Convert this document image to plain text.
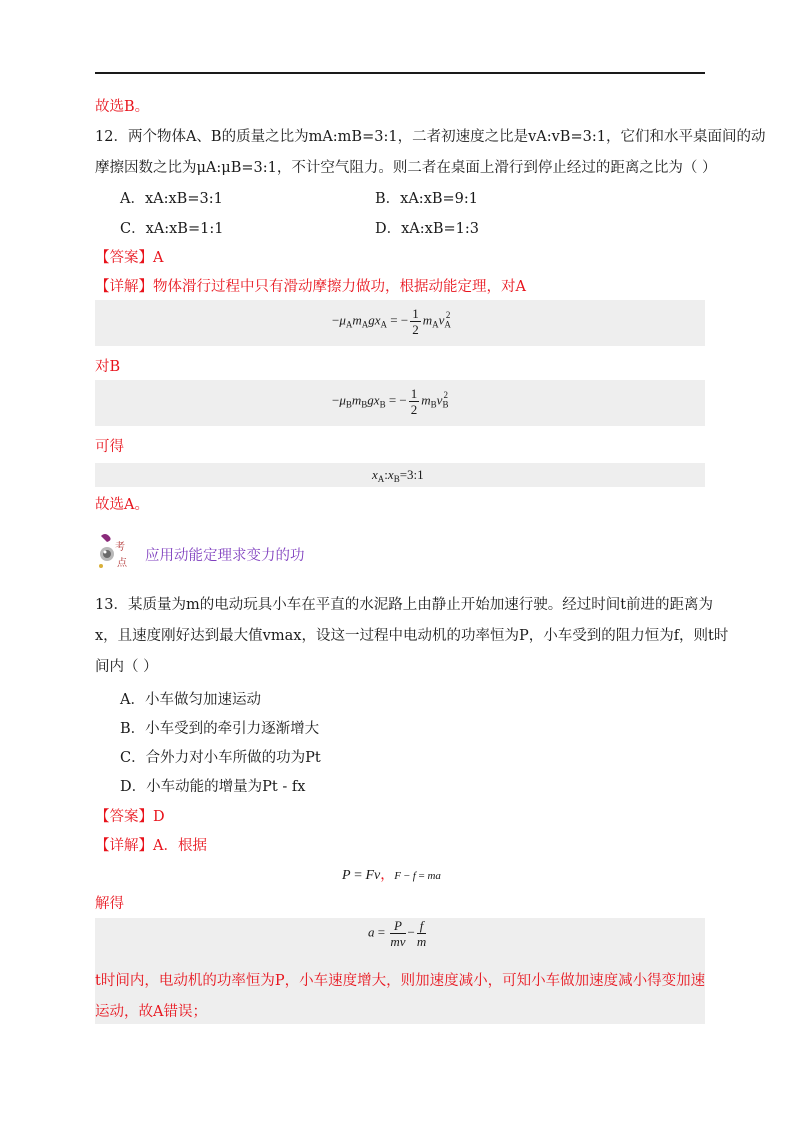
故选B。
12．两个物体A、B的质量之比为mA:mB=3:1，二者初速度之比是vA:vB=3:1，它们和水平桌面间的动
摩擦因数之比为μA:μB=3:1，不计空气阻力。则二者在桌面上滑行到停止经过的距离之比为（ ）
A．xA:xB=3:1	B．xA:xB=9:1
C．xA:xB=1:1	D．xA:xB=1:3
【答案】A
【详解】物体滑行过程中只有滑动摩擦力做功，根据动能定理，对A
$-\mu_Am_Agx_A$ = − $\frac{1}{2} m_Av_A^2$
对B
$-\mu_Bm_Bgx_B$ = − $\frac{1}{2} m_Bv_B^2$
可得
$x_A:x_B=3:1$
故选A。
考
点 应用动能定理求变力的功
13．某质量为m的电动玩具小车在平直的水泥路上由静止开始加速行驶。经过时间t前进的距离为
x，且速度刚好达到最大值vmax，设这一过程中电动机的功率恒为P，小车受到的阻力恒为f，则t时
间内（ ）
A．小车做匀加速运动
B．小车受到的牵引力逐渐增大
C．合外力对小车所做的功为Pt
D．小车动能的增量为Pt - fx
【答案】D
【详解】A．根据
P = Fv，F − f = ma
解得
$a = \frac{P}{mv} - \frac{f}{m}$
t时间内，电动机的功率恒为P，小车速度增大，则加速度减小，可知小车做加速度减小得变加速
运动，故A错误；
